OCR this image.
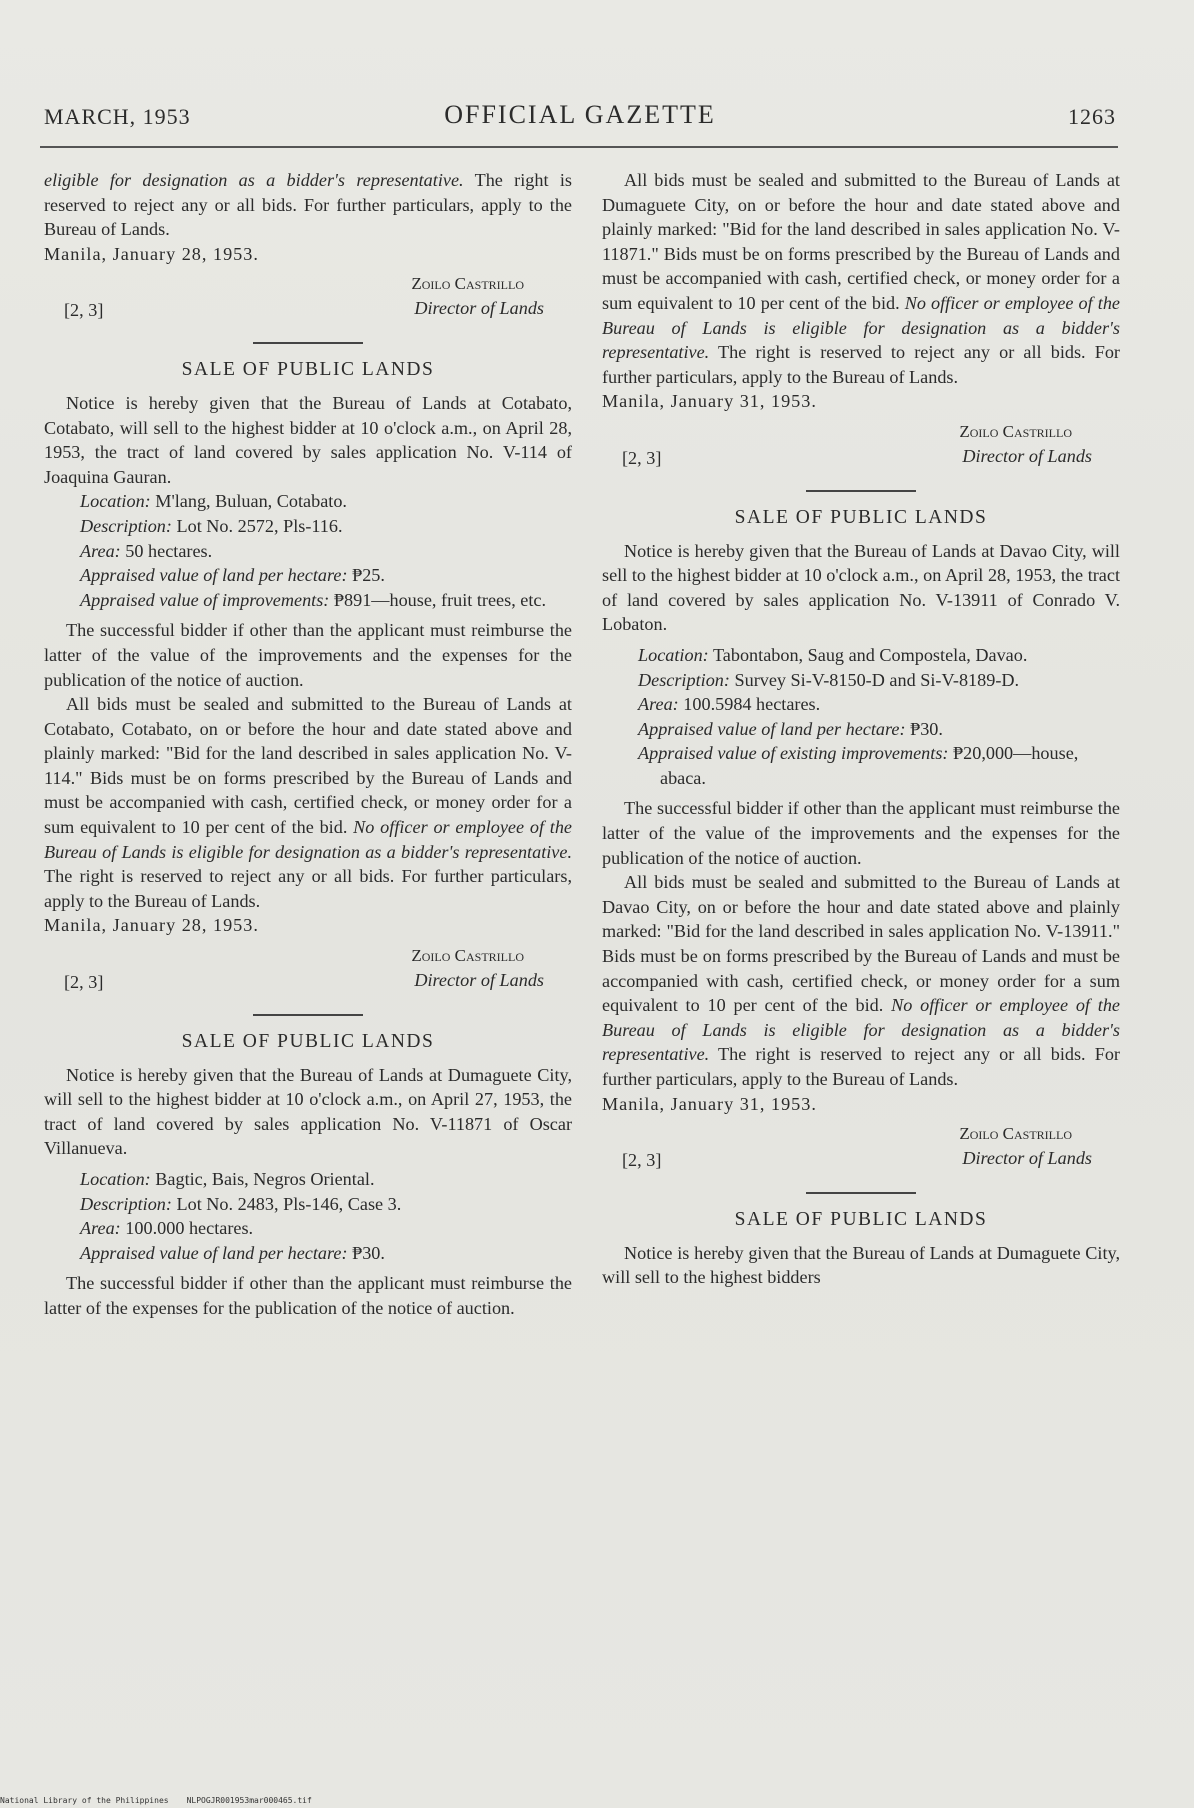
MARCH, 1953	OFFICIAL GAZETTE	1263

eligible for designation as a bidder's representative. The right is reserved to reject any or all bids. For further particulars, apply to the Bureau of Lands.

Manila, January 28, 1953.

[2, 3]
Zoilo Castrillo
Director of Lands
SALE OF PUBLIC LANDS

Notice is hereby given that the Bureau of Lands at Cotabato, Cotabato, will sell to the highest bidder at 10 o'clock a.m., on April 28, 1953, the tract of land covered by sales application No. V-114 of Joaquina Gauran.

Location: M'lang, Buluan, Cotabato.

Description: Lot No. 2572, Pls-116.

Area: 50 hectares.

Appraised value of land per hectare: ₱25.

Appraised value of improvements: ₱891—house, fruit trees, etc.

The successful bidder if other than the applicant must reimburse the latter of the value of the improvements and the expenses for the publication of the notice of auction.

All bids must be sealed and submitted to the Bureau of Lands at Cotabato, Cotabato, on or before the hour and date stated above and plainly marked: "Bid for the land described in sales application No. V-114." Bids must be on forms prescribed by the Bureau of Lands and must be accompanied with cash, certified check, or money order for a sum equivalent to 10 per cent of the bid. No officer or employee of the Bureau of Lands is eligible for designation as a bidder's representative. The right is reserved to reject any or all bids. For further particulars, apply to the Bureau of Lands.

Manila, January 28, 1953.

[2, 3]
Zoilo Castrillo
Director of Lands
SALE OF PUBLIC LANDS

Notice is hereby given that the Bureau of Lands at Dumaguete City, will sell to the highest bidder at 10 o'clock a.m., on April 27, 1953, the tract of land covered by sales application No. V-11871 of Oscar Villanueva.

Location: Bagtic, Bais, Negros Oriental.

Description: Lot No. 2483, Pls-146, Case 3.

Area: 100.000 hectares.

Appraised value of land per hectare: ₱30.

The successful bidder if other than the applicant must reimburse the latter of the expenses for the publication of the notice of auction.

All bids must be sealed and submitted to the Bureau of Lands at Dumaguete City, on or before the hour and date stated above and plainly marked: "Bid for the land described in sales application No. V-11871." Bids must be on forms prescribed by the Bureau of Lands and must be accompanied with cash, certified check, or money order for a sum equivalent to 10 per cent of the bid. No officer or employee of the Bureau of Lands is eligible for designation as a bidder's representative. The right is reserved to reject any or all bids. For further particulars, apply to the Bureau of Lands.

Manila, January 31, 1953.

[2, 3]
Zoilo Castrillo
Director of Lands
SALE OF PUBLIC LANDS

Notice is hereby given that the Bureau of Lands at Davao City, will sell to the highest bidder at 10 o'clock a.m., on April 28, 1953, the tract of land covered by sales application No. V-13911 of Conrado V. Lobaton.

Location: Tabontabon, Saug and Compostela, Davao.

Description: Survey Si-V-8150-D and Si-V-8189-D.

Area: 100.5984 hectares.

Appraised value of land per hectare: ₱30.

Appraised value of existing improvements: ₱20,000—house, abaca.

The successful bidder if other than the applicant must reimburse the latter of the value of the improvements and the expenses for the publication of the notice of auction.

All bids must be sealed and submitted to the Bureau of Lands at Davao City, on or before the hour and date stated above and plainly marked: "Bid for the land described in sales application No. V-13911." Bids must be on forms prescribed by the Bureau of Lands and must be accompanied with cash, certified check, or money order for a sum equivalent to 10 per cent of the bid. No officer or employee of the Bureau of Lands is eligible for designation as a bidder's representative. The right is reserved to reject any or all bids. For further particulars, apply to the Bureau of Lands.

Manila, January 31, 1953.

[2, 3]
Zoilo Castrillo
Director of Lands
SALE OF PUBLIC LANDS

Notice is hereby given that the Bureau of Lands at Dumaguete City, will sell to the highest bidders

National Library of the Philippines NLPOGJR001953mar000465.tif
